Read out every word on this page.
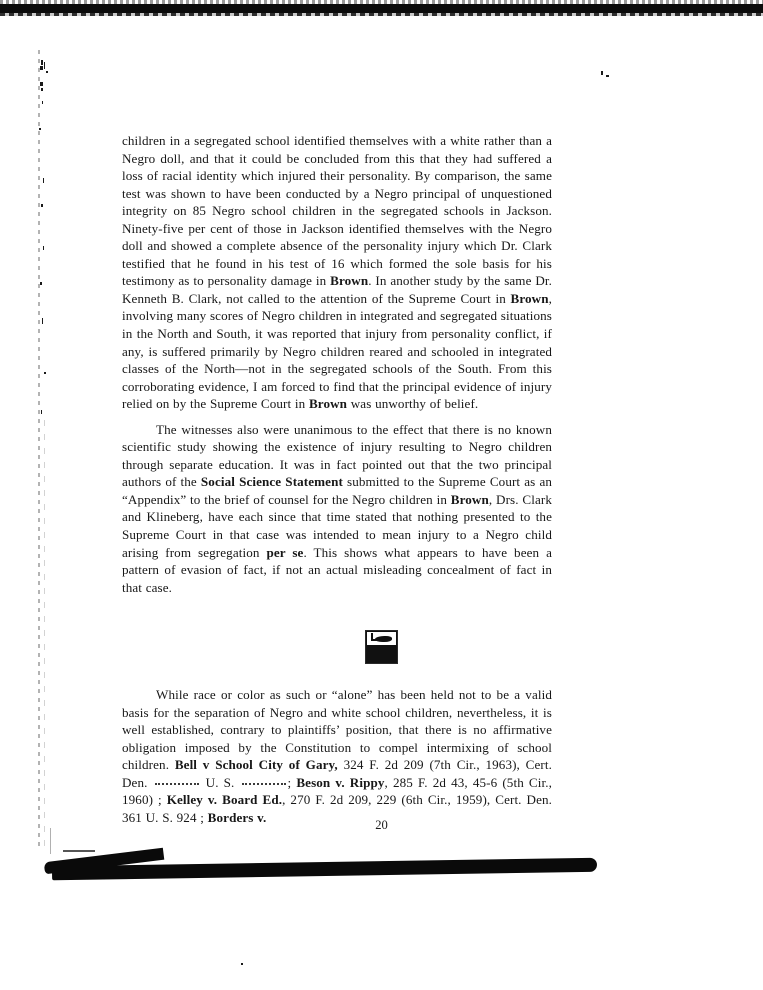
children in a segregated school identified themselves with a white rather than a Negro doll, and that it could be concluded from this that they had suffered a loss of racial identity which injured their personality. By comparison, the same test was shown to have been conducted by a Negro principal of unquestioned integrity on 85 Negro school children in the segregated schools in Jackson. Ninety-five per cent of those in Jackson identified themselves with the Negro doll and showed a complete absence of the personality injury which Dr. Clark testified that he found in his test of 16 which formed the sole basis for his testimony as to personality damage in Brown. In another study by the same Dr. Kenneth B. Clark, not called to the attention of the Supreme Court in Brown, involving many scores of Negro children in integrated and segregated situations in the North and South, it was reported that injury from personality conflict, if any, is suffered primarily by Negro children reared and schooled in integrated classes of the North—not in the segregated schools of the South. From this corroborating evidence, I am forced to find that the principal evidence of injury relied on by the Supreme Court in Brown was unworthy of belief.

The witnesses also were unanimous to the effect that there is no known scientific study showing the existence of injury resulting to Negro children through separate education. It was in fact pointed out that the two principal authors of the Social Science Statement submitted to the Supreme Court as an “Appendix” to the brief of counsel for the Negro children in Brown, Drs. Clark and Klineberg, have each since that time stated that nothing presented to the Supreme Court in that case was intended to mean injury to a Negro child arising from segregation per se. This shows what appears to have been a pattern of evasion of fact, if not an actual misleading concealment of fact in that case.

While race or color as such or “alone” has been held not to be a valid basis for the separation of Negro and white school children, nevertheless, it is well established, contrary to plaintiffs’ position, that there is no affirmative obligation imposed by the Constitution to compel intermixing of school children. Bell v School City of Gary, 324 F. 2d 209 (7th Cir., 1963), Cert. Den.	U. S.	; Beson v. Rippy, 285 F. 2d 43, 45-6 (5th Cir., 1960) ; Kelley v. Board Ed., 270 F. 2d 209, 229 (6th Cir., 1959), Cert. Den. 361 U. S. 924 ; Borders v.

20
